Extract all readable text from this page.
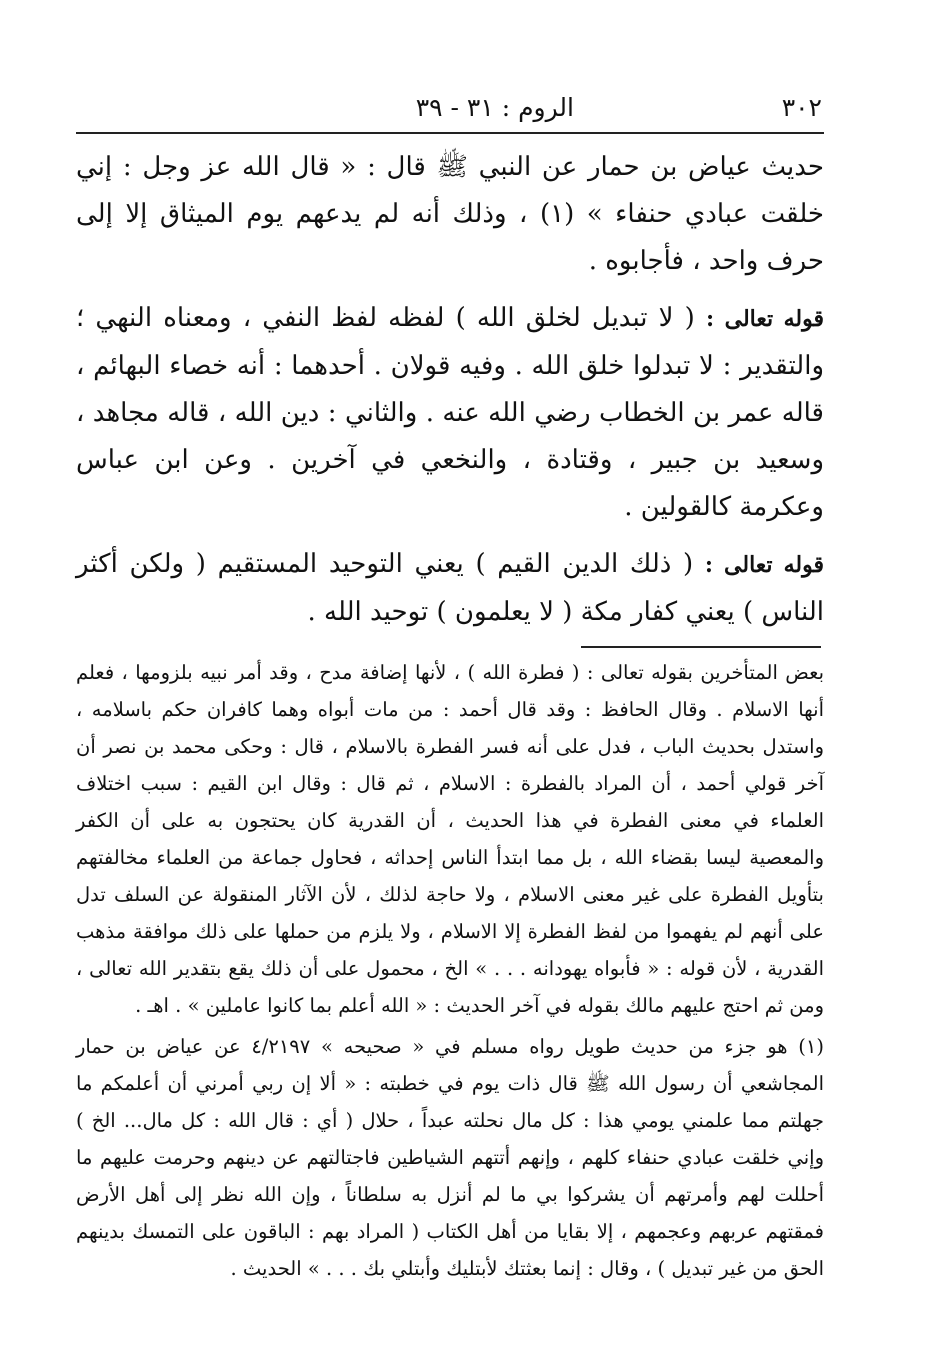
٣٠٢
الروم : ٣١ - ٣٩

حديث عياض بن حمار عن النبي ﷺ قال : « قال الله عز وجل : إني خلقت عبادي حنفاء » (١) ، وذلك أنه لم يدعهم يوم الميثاق إلا إلى حرف واحد ، فأجابوه .

قوله تعالى : ( لا تبديل لخلق الله ) لفظه لفظ النفي ، ومعناه النهي ؛ والتقدير : لا تبدلوا خلق الله . وفيه قولان . أحدهما : أنه خصاء البهائم ، قاله عمر بن الخطاب رضي الله عنه . والثاني : دين الله ، قاله مجاهد ، وسعيد بن جبير ، وقتادة ، والنخعي في آخرين . وعن ابن عباس وعكرمة كالقولين .

قوله تعالى : ( ذلك الدين القيم ) يعني التوحيد المستقيم ( ولكن أكثر الناس ) يعني كفار مكة ( لا يعلمون ) توحيد الله .

بعض المتأخرين بقوله تعالى : ( فطرة الله ) ، لأنها إضافة مدح ، وقد أمر نبيه بلزومها ، فعلم أنها الاسلام . وقال الحافظ : وقد قال أحمد : من مات أبواه وهما كافران حكم باسلامه ، واستدل بحديث الباب ، فدل على أنه فسر الفطرة بالاسلام ، قال : وحكى محمد بن نصر أن آخر قولي أحمد ، أن المراد بالفطرة : الاسلام ، ثم قال : وقال ابن القيم : سبب اختلاف العلماء في معنى الفطرة في هذا الحديث ، أن القدرية كان يحتجون به على أن الكفر والمعصية ليسا بقضاء الله ، بل مما ابتدأ الناس إحداثه ، فحاول جماعة من العلماء مخالفتهم بتأويل الفطرة على غير معنى الاسلام ، ولا حاجة لذلك ، لأن الآثار المنقولة عن السلف تدل على أنهم لم يفهموا من لفظ الفطرة إلا الاسلام ، ولا يلزم من حملها على ذلك موافقة مذهب القدرية ، لأن قوله : « فأبواه يهودانه . . . » الخ ، محمول على أن ذلك يقع بتقدير الله تعالى ، ومن ثم احتج عليهم مالك بقوله في آخر الحديث : « الله أعلم بما كانوا عاملين » . اهـ .

(١) هو جزء من حديث طويل رواه مسلم في « صحيحه » ٤/٢١٩٧ عن عياض بن حمار المجاشعي أن رسول الله ﷺ قال ذات يوم في خطبته : « ألا إن ربي أمرني أن أعلمكم ما جهلتم مما علمني يومي هذا : كل مال نحلته عبداً ، حلال ( أي : قال الله : كل مال... الخ ) وإني خلقت عبادي حنفاء كلهم ، وإنهم أتتهم الشياطين فاجتالتهم عن دينهم وحرمت عليهم ما أحللت لهم وأمرتهم أن يشركوا بي ما لم أنزل به سلطاناً ، وإن الله نظر إلى أهل الأرض فمقتهم عربهم وعجمهم ، إلا بقايا من أهل الكتاب ( المراد بهم : الباقون على التمسك بدينهم الحق من غير تبديل ) ، وقال : إنما بعثتك لأبتليك وأبتلي بك . . . » الحديث .
